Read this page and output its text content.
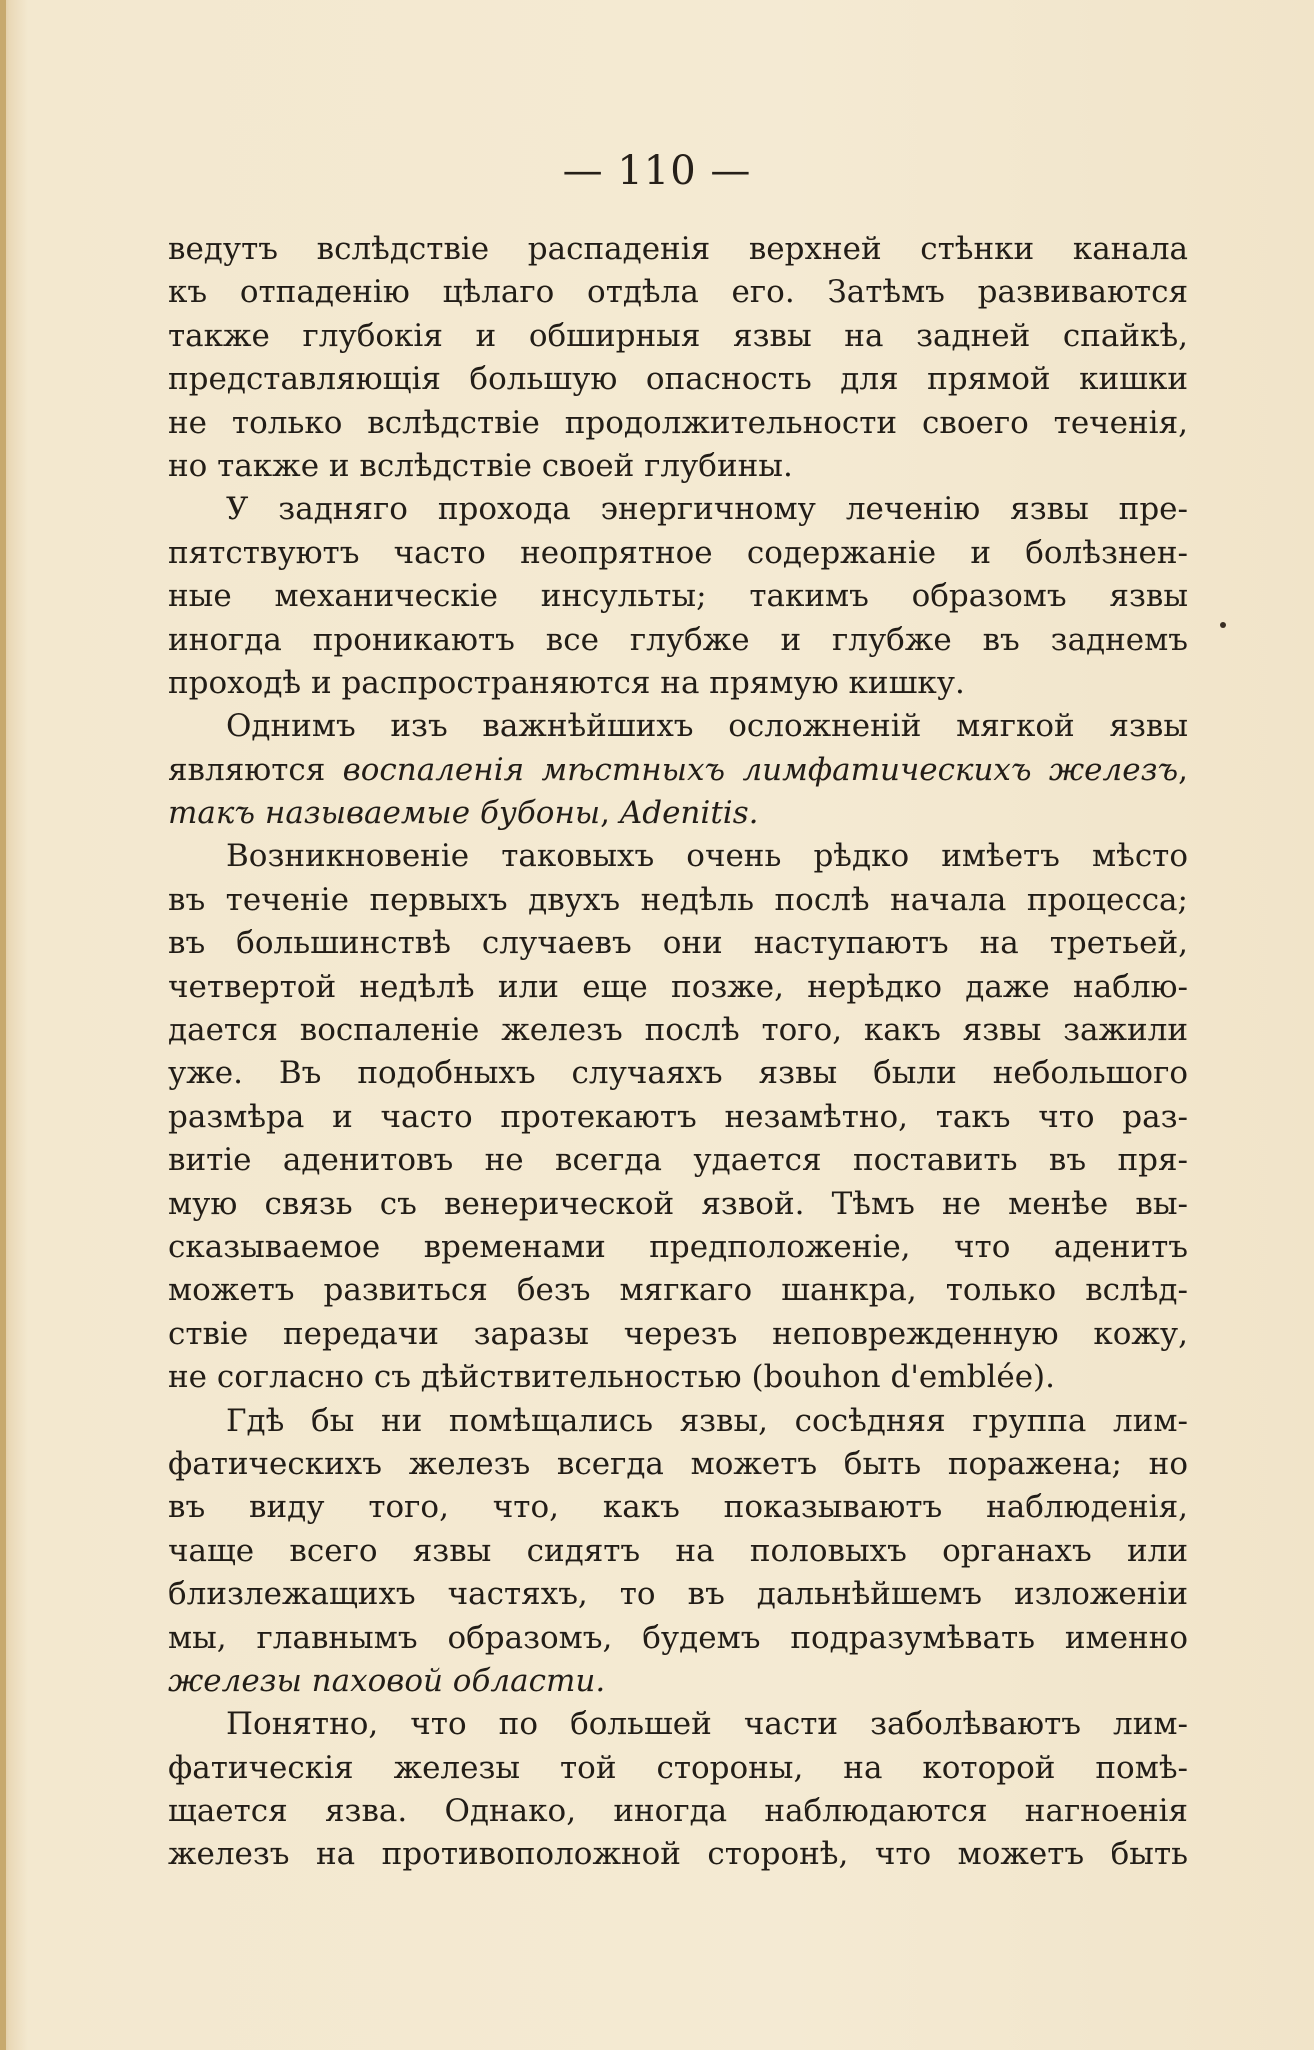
— 110 —
ведутъ вслѣдствіе распаденія верхней стѣнки канала
къ отпаденію цѣлаго отдѣла его. Затѣмъ развиваются
также глубокія и обширныя язвы на задней спайкѣ,
представляющія большую опасность для прямой кишки
не только вслѣдствіе продолжительности своего теченія,
но также и вслѣдствіе своей глубины.
У задняго прохода энергичному леченію язвы пре-
пятствуютъ часто неопрятное содержаніе и болѣзнен-
ные механическіе инсульты; такимъ образомъ язвы
иногда проникаютъ все глубже и глубже въ заднемъ
проходѣ и распространяются на прямую кишку.
Однимъ изъ важнѣйшихъ осложненій мягкой язвы
являются воспаленія мѣстныхъ лимфатическихъ железъ,
такъ называемые бубоны, Adenitis.
Возникновеніе таковыхъ очень рѣдко имѣетъ мѣсто
въ теченіе первыхъ двухъ недѣль послѣ начала процесса;
въ большинствѣ случаевъ они наступаютъ на третьей,
четвертой недѣлѣ или еще позже, нерѣдко даже наблю-
дается воспаленіе железъ послѣ того, какъ язвы зажили
уже. Въ подобныхъ случаяхъ язвы были небольшого
размѣра и часто протекаютъ незамѣтно, такъ что раз-
витіе аденитовъ не всегда удается поставить въ пря-
мую связь съ венерической язвой. Тѣмъ не менѣе вы-
сказываемое временами предположеніе, что аденитъ
можетъ развиться безъ мягкаго шанкра, только вслѣд-
ствіе передачи заразы черезъ неповрежденную кожу,
не согласно съ дѣйствительностью (bouhon d'emblée).
Гдѣ бы ни помѣщались язвы, сосѣдняя группа лим-
фатическихъ железъ всегда можетъ быть поражена; но
въ виду того, что, какъ показываютъ наблюденія,
чаще всего язвы сидятъ на половыхъ органахъ или
близлежащихъ частяхъ, то въ дальнѣйшемъ изложеніи
мы, главнымъ образомъ, будемъ подразумѣвать именно
железы паховой области.
Понятно, что по большей части заболѣваютъ лим-
фатическія железы той стороны, на которой помѣ-
щается язва. Однако, иногда наблюдаются нагноенія
железъ на противоположной сторонѣ, что можетъ быть
